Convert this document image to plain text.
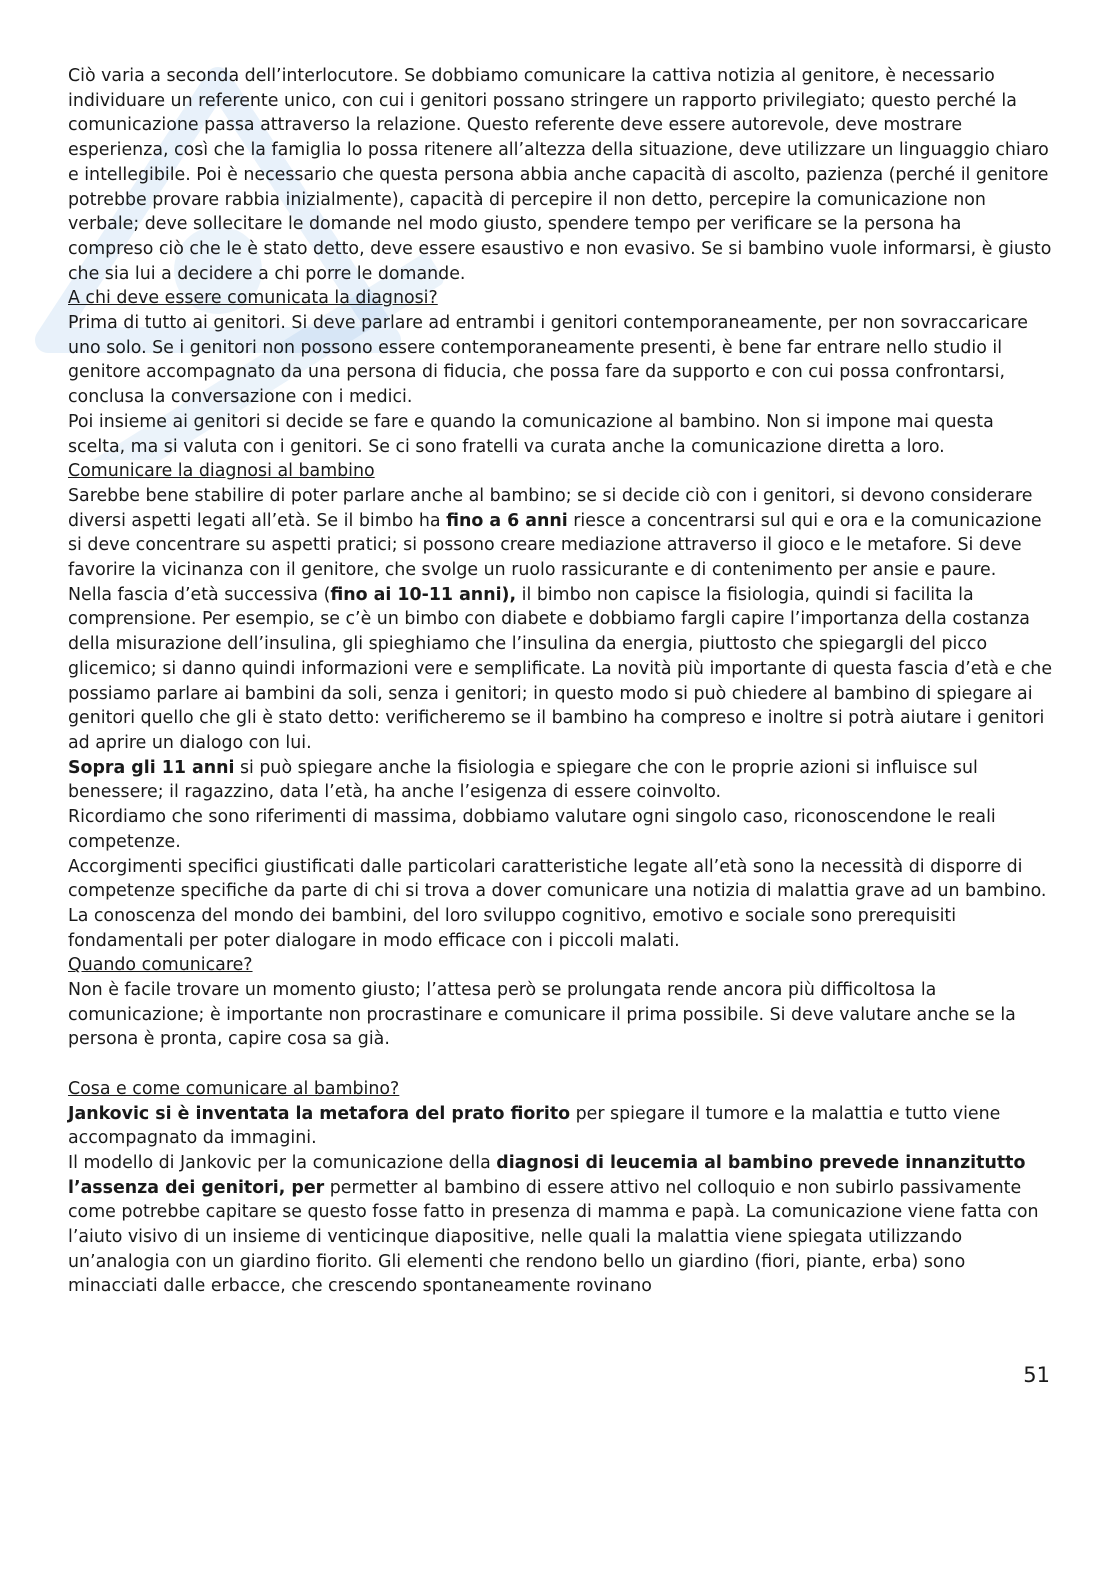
Ciò varia a seconda dell’interlocutore. Se dobbiamo comunicare la cattiva notizia al genitore, è necessario individuare un referente unico, con cui i genitori possano stringere un rapporto privilegiato; questo perché la comunicazione passa attraverso la relazione. Questo referente deve essere autorevole, deve mostrare esperienza, così che la famiglia lo possa ritenere all’altezza della situazione, deve utilizzare un linguaggio chiaro e intellegibile. Poi è necessario che questa persona abbia anche capacità di ascolto, pazienza (perché il genitore potrebbe provare rabbia inizialmente), capacità di percepire il non detto, percepire la comunicazione non verbale; deve sollecitare le domande nel modo giusto, spendere tempo per verificare se la persona ha compreso ciò che le è stato detto, deve essere esaustivo e non evasivo. Se si bambino vuole informarsi, è giusto che sia lui a decidere a chi porre le domande.

A chi deve essere comunicata la diagnosi?

Prima di tutto ai genitori. Si deve parlare ad entrambi i genitori contemporaneamente, per non sovraccaricare uno solo. Se i genitori non possono essere contemporaneamente presenti, è bene far entrare nello studio il genitore accompagnato da una persona di fiducia, che possa fare da supporto e con cui possa confrontarsi, conclusa la conversazione con i medici.

Poi insieme ai genitori si decide se fare e quando la comunicazione al bambino. Non si impone mai questa scelta, ma si valuta con i genitori. Se ci sono fratelli va curata anche la comunicazione diretta a loro.

Comunicare la diagnosi al bambino

Sarebbe bene stabilire di poter parlare anche al bambino; se si decide ciò con i genitori, si devono considerare diversi aspetti legati all’età. Se il bimbo ha fino a 6 anni riesce a concentrarsi sul qui e ora e la comunicazione si deve concentrare su aspetti pratici; si possono creare mediazione attraverso il gioco e le metafore. Si deve favorire la vicinanza con il genitore, che svolge un ruolo rassicurante e di contenimento per ansie e paure.

Nella fascia d’età successiva (fino ai 10-11 anni), il bimbo non capisce la fisiologia, quindi si facilita la comprensione. Per esempio, se c’è un bimbo con diabete e dobbiamo fargli capire l’importanza della costanza della misurazione dell’insulina, gli spieghiamo che l’insulina da energia, piuttosto che spiegargli del picco glicemico; si danno quindi informazioni vere e semplificate. La novità più importante di questa fascia d’età e che possiamo parlare ai bambini da soli, senza i genitori; in questo modo si può chiedere al bambino di spiegare ai genitori quello che gli è stato detto: verificheremo se il bambino ha compreso e inoltre si potrà aiutare i genitori ad aprire un dialogo con lui.

Sopra gli 11 anni si può spiegare anche la fisiologia e spiegare che con le proprie azioni si influisce sul benessere; il ragazzino, data l’età, ha anche l’esigenza di essere coinvolto.

Ricordiamo che sono riferimenti di massima, dobbiamo valutare ogni singolo caso, riconoscendone le reali competenze.

Accorgimenti specifici giustificati dalle particolari caratteristiche legate all’età sono la necessità di disporre di competenze specifiche da parte di chi si trova a dover comunicare una notizia di malattia grave ad un bambino. La conoscenza del mondo dei bambini, del loro sviluppo cognitivo, emotivo e sociale sono prerequisiti fondamentali per poter dialogare in modo efficace con i piccoli malati.

Quando comunicare?

Non è facile trovare un momento giusto; l’attesa però se prolungata rende ancora più difficoltosa la comunicazione; è importante non procrastinare e comunicare il prima possibile. Si deve valutare anche se la persona è pronta, capire cosa sa già.

Cosa e come comunicare al bambino?

Jankovic si è inventata la metafora del prato fiorito per spiegare il tumore e la malattia e tutto viene accompagnato da immagini.

Il modello di Jankovic per la comunicazione della diagnosi di leucemia al bambino prevede innanzitutto l’assenza dei genitori, per permetter al bambino di essere attivo nel colloquio e non subirlo passivamente come potrebbe capitare se questo fosse fatto in presenza di mamma e papà. La comunicazione viene fatta con l’aiuto visivo di un insieme di venticinque diapositive, nelle quali la malattia viene spiegata utilizzando un’analogia con un giardino fiorito. Gli elementi che rendono bello un giardino (fiori, piante, erba) sono minacciati dalle erbacce, che crescendo spontaneamente rovinano

51
